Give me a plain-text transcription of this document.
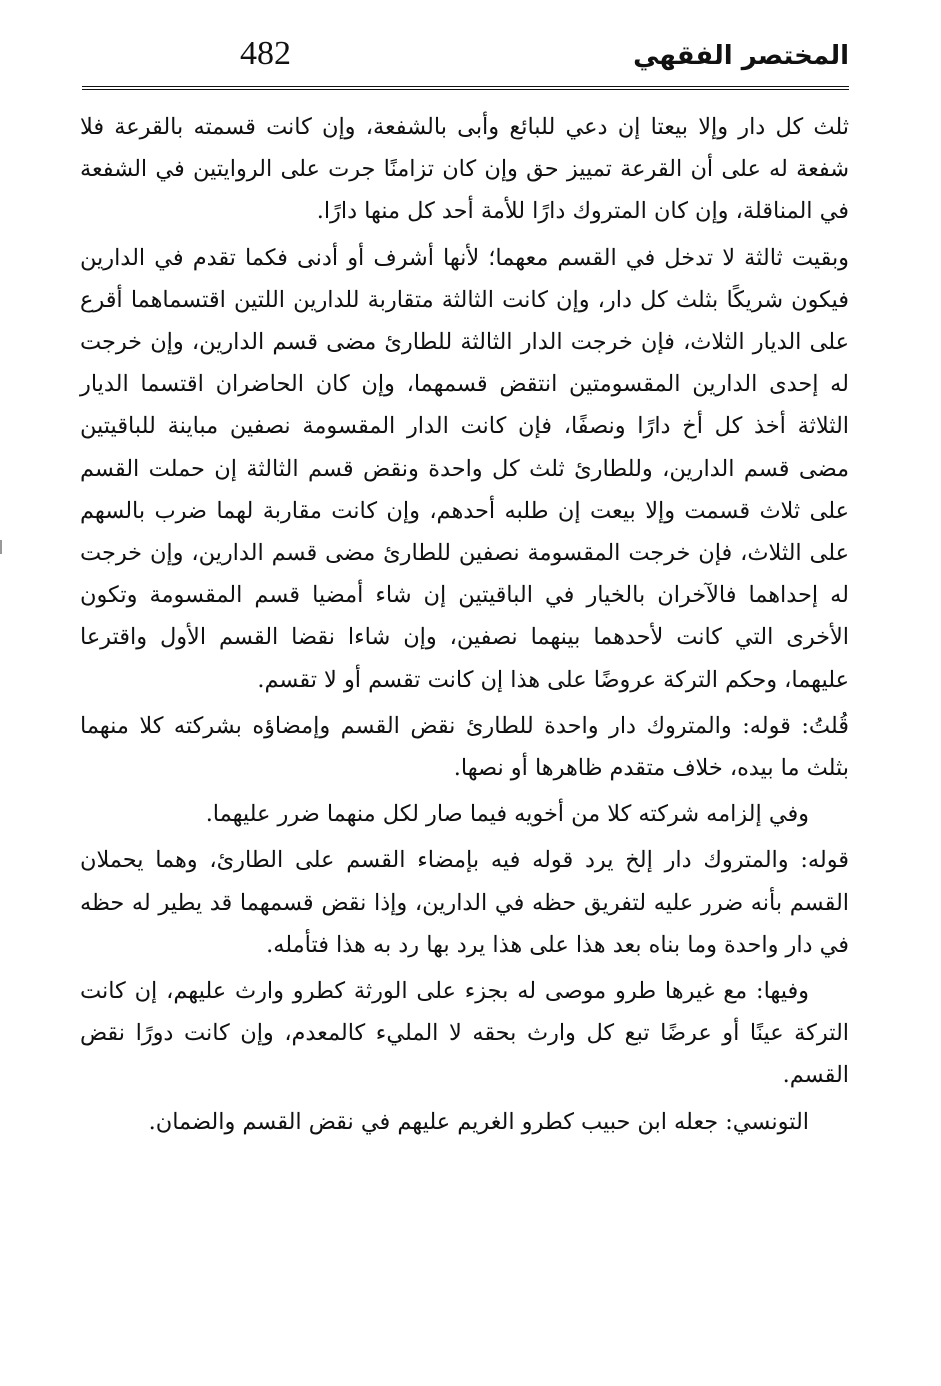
482	المختصر الفقهي

ثلث كل دار وإلا بيعتا إن دعي للبائع وأبى بالشفعة، وإن كانت قسمته بالقرعة فلا شفعة له على أن القرعة تمييز حق وإن كان تزامنًا جرت على الروايتين في الشفعة في المناقلة، وإن كان المتروك دارًا للأمة أحد كل منها دارًا.

وبقيت ثالثة لا تدخل في القسم معهما؛ لأنها أشرف أو أدنى فكما تقدم في الدارين فيكون شريكًا بثلث كل دار، وإن كانت الثالثة متقاربة للدارين اللتين اقتسماهما أقرع على الديار الثلاث، فإن خرجت الدار الثالثة للطارئ مضى قسم الدارين، وإن خرجت له إحدى الدارين المقسومتين انتقض قسمهما، وإن كان الحاضران اقتسما الديار الثلاثة أخذ كل أخ دارًا ونصفًا، فإن كانت الدار المقسومة نصفين مباينة للباقيتين مضى قسم الدارين، وللطارئ ثلث كل واحدة ونقض قسم الثالثة إن حملت القسم على ثلاث قسمت وإلا بيعت إن طلبه أحدهم، وإن كانت مقاربة لهما ضرب بالسهم على الثلاث، فإن خرجت المقسومة نصفين للطارئ مضى قسم الدارين، وإن خرجت له إحداهما فالآخران بالخيار في الباقيتين إن شاء أمضيا قسم المقسومة وتكون الأخرى التي كانت لأحدهما بينهما نصفين، وإن شاءا نقضا القسم الأول واقترعا عليهما، وحكم التركة عروضًا على هذا إن كانت تقسم أو لا تقسم.

قُلتُ: قوله: والمتروك دار واحدة للطارئ نقض القسم وإمضاؤه بشركته كلا منهما بثلث ما بيده، خلاف متقدم ظاهرها أو نصها.

وفي إلزامه شركته كلا من أخويه فيما صار لكل منهما ضرر عليهما.

قوله: والمتروك دار إلخ يرد قوله فيه بإمضاء القسم على الطارئ، وهما يحملان القسم بأنه ضرر عليه لتفريق حظه في الدارين، وإذا نقض قسمهما قد يطير له حظه في دار واحدة وما بناه بعد هذا على هذا يرد بها رد به هذا فتأمله.

وفيها: مع غيرها طرو موصى له بجزء على الورثة كطرو وارث عليهم، إن كانت التركة عينًا أو عرضًا تبع كل وارث بحقه لا المليء كالمعدم، وإن كانت دورًا نقض القسم.

التونسي: جعله ابن حبيب كطرو الغريم عليهم في نقض القسم والضمان.
